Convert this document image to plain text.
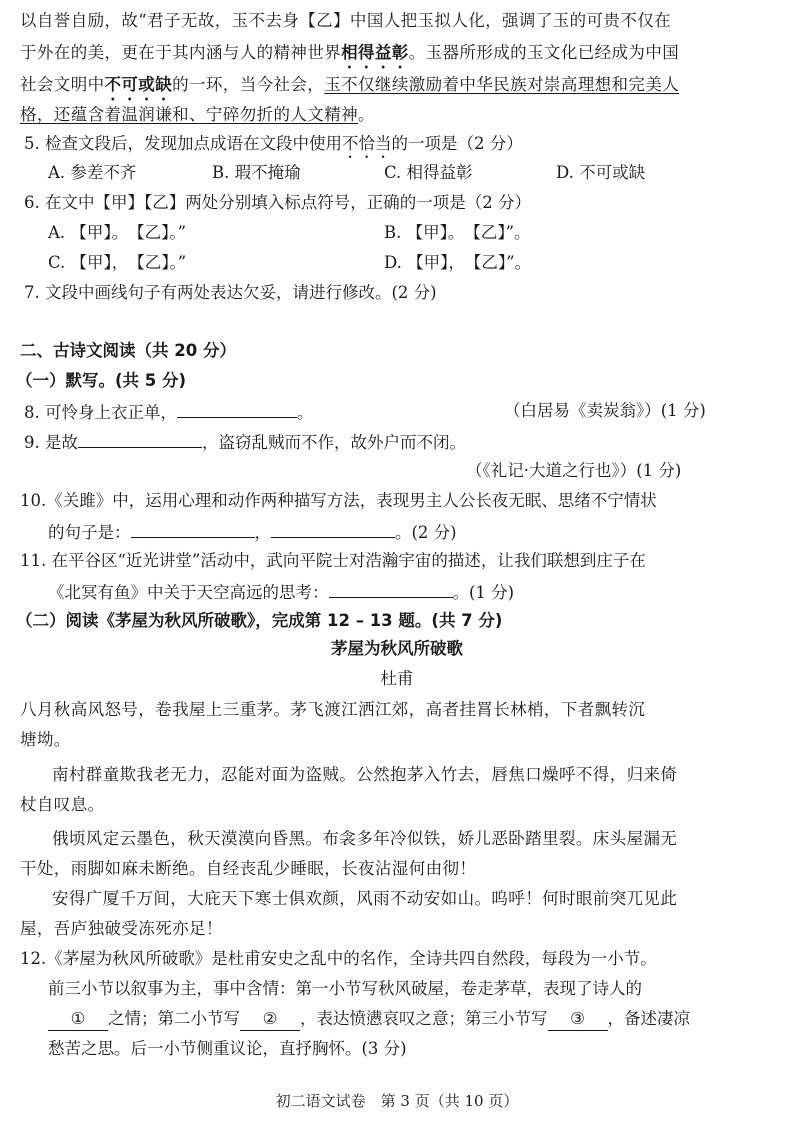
以自誉自励，故“君子无故，玉不去身【乙】中国人把玉拟人化，强调了玉的可贵不仅在
于外在的美，更在于其内涵与人的精神世界相得益彰。玉器所形成的玉文化已经成为中国
社会文明中不可或缺的一环，当今社会，玉不仅继续激励着中华民族对崇高理想和完美人
格，还蕴含着温润谦和、宁碎勿折的人文精神。
5. 检查文段后，发现加点成语在文段中使用不恰当的一项是（2 分）
A. 参差不齐	B. 瑕不掩瑜	C. 相得益彰	D. 不可或缺
6. 在文中【甲】【乙】两处分别填入标点符号，正确的一项是（2 分）
A. 【甲】。　【乙】。”	B. 【甲】。　【乙】”。
C. 【甲】，　【乙】。”	D. 【甲】，　【乙】”。
7. 文段中画线句子有两处表达欠妥，请进行修改。(2 分)
二、古诗文阅读（共 20 分）
（一）默写。(共 5 分)
8. 可怜身上衣正单，	。	（白居易《卖炭翁》）(1 分)
9. 是故	，盗窃乱贼而不作，故外户而不闭。
（《礼记·大道之行也》）(1 分)
10.《关雎》中，运用心理和动作两种描写方法，表现男主人公长夜无眠、思绪不宁情状
的句子是：	，	。(2 分)
11. 在平谷区“近光讲堂”活动中，武向平院士对浩瀚宇宙的描述，让我们联想到庄子在
《北冥有鱼》中关于天空高远的思考：	。(1 分)
（二）阅读《茅屋为秋风所破歌》，完成第 12 – 13 题。(共 7 分)
茅屋为秋风所破歌
杜甫
八月秋高风怒号，卷我屋上三重茅。茅飞渡江洒江郊，高者挂罥长林梢，下者飘转沉
塘坳。
南村群童欺我老无力，忍能对面为盗贼。公然抱茅入竹去，唇焦口燥呼不得，归来倚
杖自叹息。
俄顷风定云墨色，秋天漠漠向昏黑。布衾多年冷似铁，娇儿恶卧踏里裂。床头屋漏无
干处，雨脚如麻未断绝。自经丧乱少睡眠，长夜沾湿何由彻！
安得广厦千万间，大庇天下寒士俱欢颜，风雨不动安如山。呜呼！何时眼前突兀见此
屋，吾庐独破受冻死亦足！
12.《茅屋为秋风所破歌》是杜甫安史之乱中的名作，全诗共四自然段，每段为一小节。
前三小节以叙事为主，事中含情：第一小节写秋风破屋，卷走茅草，表现了诗人的
① 之情；第二小节写 ② ，表达愤懑哀叹之意；第三小节写 ③ ，备述凄凉
愁苦之思。后一小节侧重议论，直抒胸怀。(3 分)
初二语文试卷　第 3 页（共 10 页）
